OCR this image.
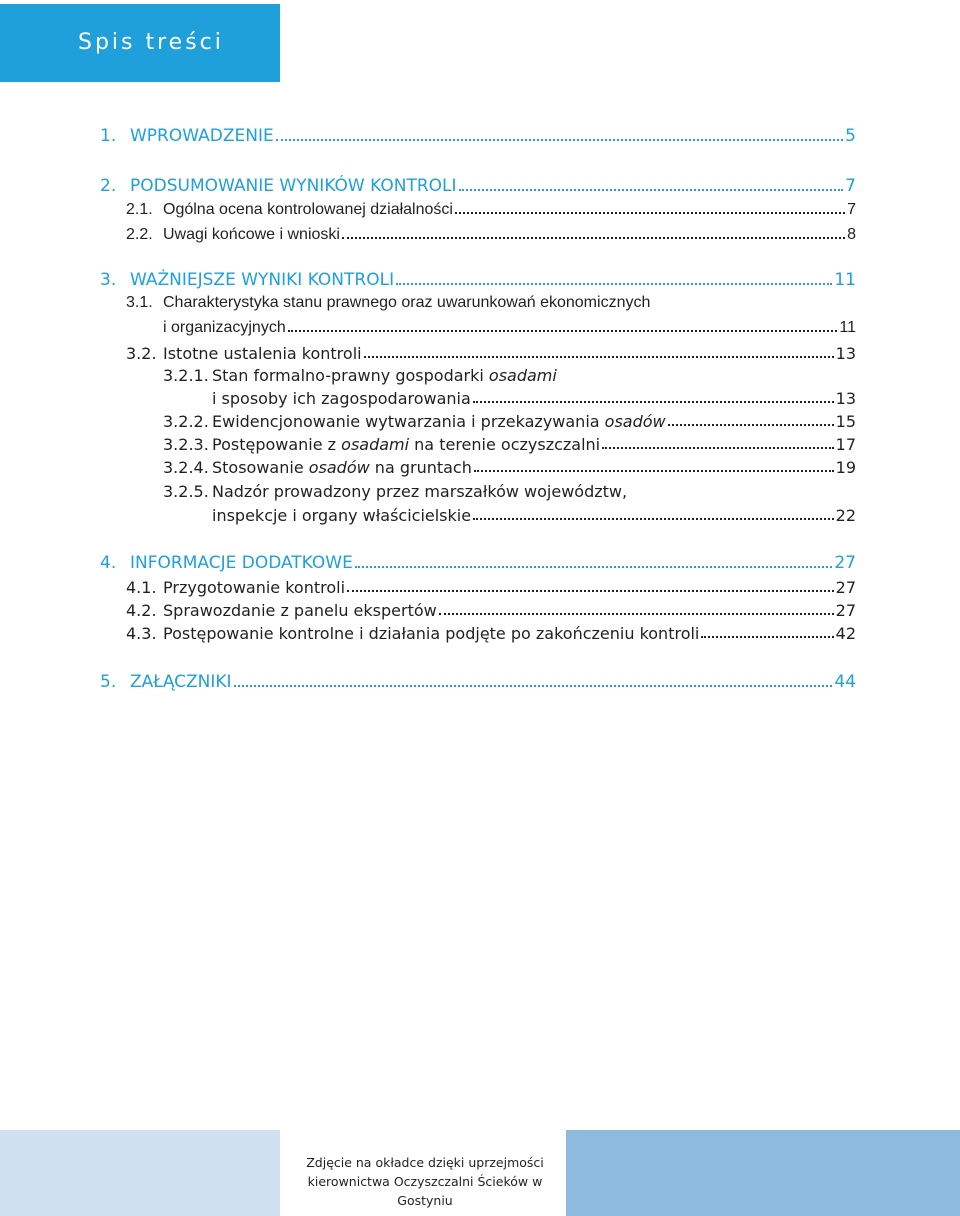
Spis treści
1. WPROWADZENIE	5
2. PODSUMOWANIE WYNIKÓW KONTROLI	7
2.1. Ogólna ocena kontrolowanej działalności	7
2.2. Uwagi końcowe i wnioski	8
3. WAŻNIEJSZE WYNIKI KONTROLI	11
3.1. Charakterystyka stanu prawnego oraz uwarunkowań ekonomicznych
i organizacyjnych	11
3.2. Istotne ustalenia kontroli	13
3.2.1. Stan formalno-prawny gospodarki osadami
i sposoby ich zagospodarowania	13
3.2.2. Ewidencjonowanie wytwarzania i przekazywania osadów	15
3.2.3. Postępowanie z osadami na terenie oczyszczalni	17
3.2.4. Stosowanie osadów na gruntach	19
3.2.5. Nadzór prowadzony przez marszałków województw,
inspekcje i organy właścicielskie	22
4. INFORMACJE DODATKOWE	27
4.1. Przygotowanie kontroli	27
4.2. Sprawozdanie z panelu ekspertów	27
4.3. Postępowanie kontrolne i działania podjęte po zakończeniu kontroli	42
5. ZAŁĄCZNIKI	44
Zdjęcie na okładce dzięki uprzejmości
kierownictwa Oczyszczalni Ścieków w Gostyniu
